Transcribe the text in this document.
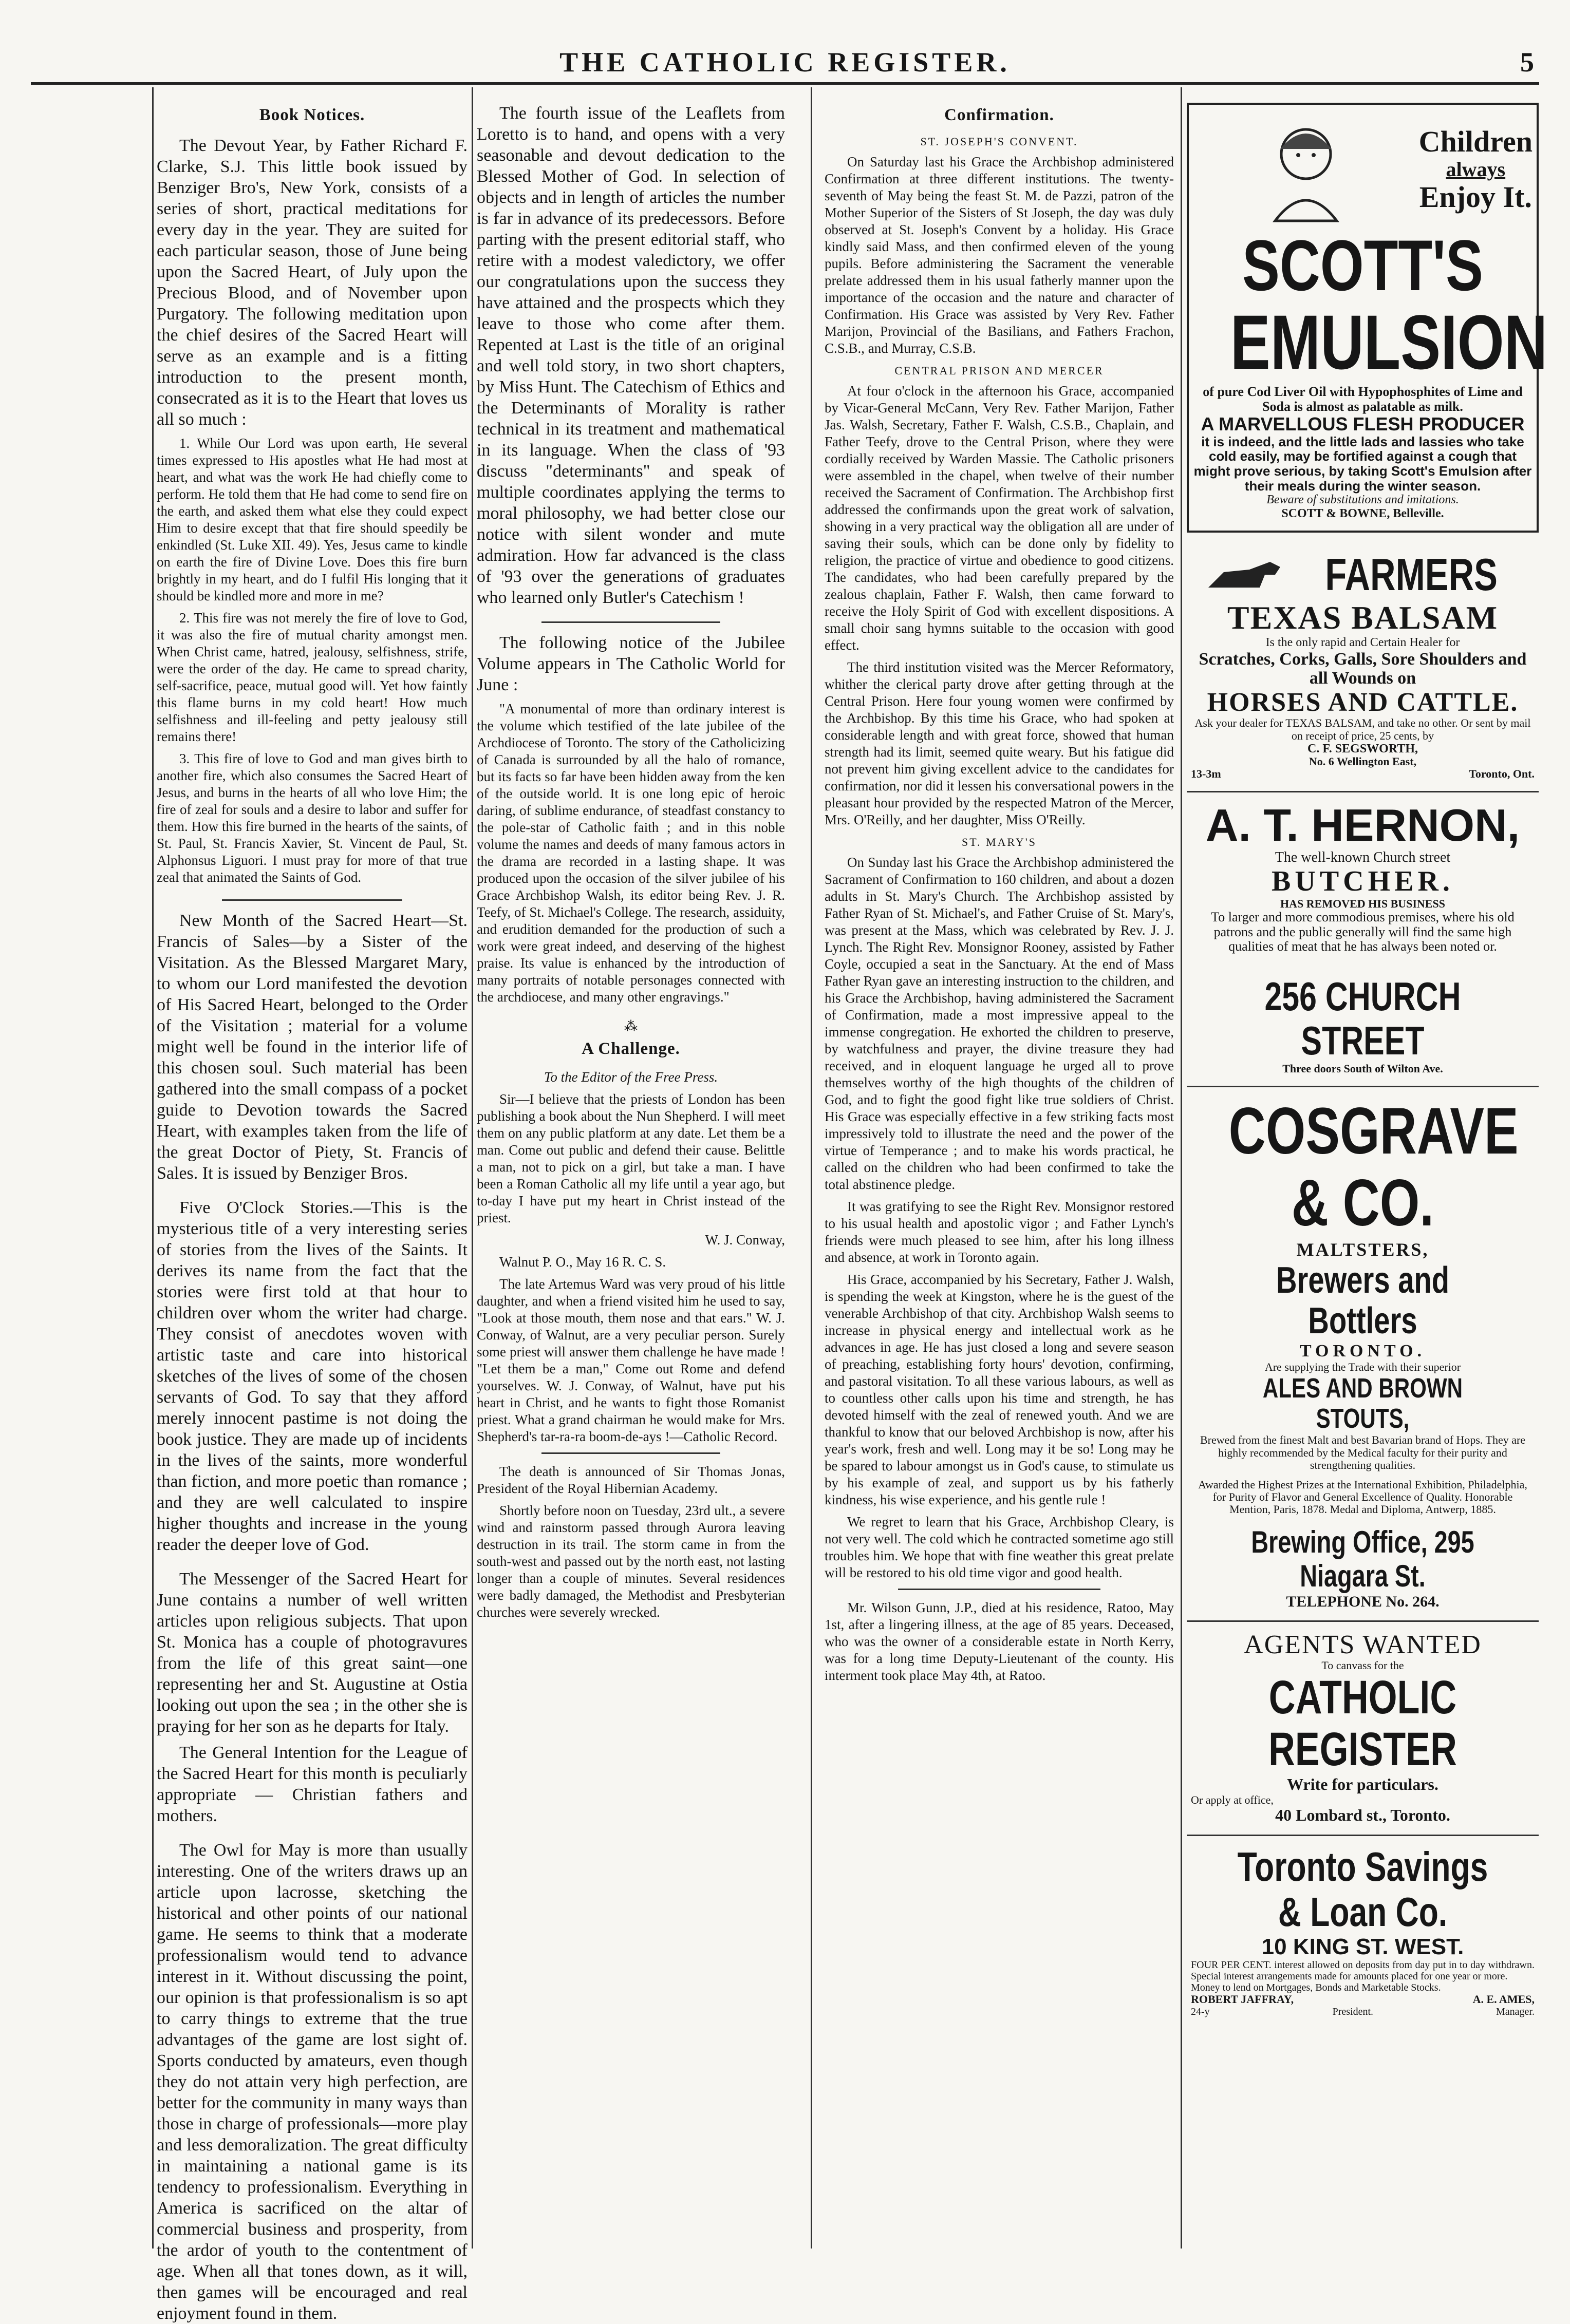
THE CATHOLIC REGISTER.	5
Book Notices.

The Devout Year, by Father Richard F. Clarke, S.J. This little book issued by Benziger Bro's, New York, consists of a series of short, practical meditations for every day in the year. They are suited for each particular season, those of June being upon the Sacred Heart, of July upon the Precious Blood, and of November upon Purgatory. The following meditation upon the chief desires of the Sacred Heart will serve as an example and is a fitting introduction to the present month, consecrated as it is to the Heart that loves us all so much :

1. While Our Lord was upon earth, He several times expressed to His apostles what He had most at heart, and what was the work He had chiefly come to perform. He told them that He had come to send fire on the earth, and asked them what else they could expect Him to desire except that that fire should speedily be enkindled (St. Luke XII. 49). Yes, Jesus came to kindle on earth the fire of Divine Love. Does this fire burn brightly in my heart, and do I fulfil His longing that it should be kindled more and more in me?

2. This fire was not merely the fire of love to God, it was also the fire of mutual charity amongst men. When Christ came, hatred, jealousy, selfishness, strife, were the order of the day. He came to spread charity, self-sacrifice, peace, mutual good will. Yet how faintly this flame burns in my cold heart! How much selfishness and ill-feeling and petty jealousy still remains there!

3. This fire of love to God and man gives birth to another fire, which also consumes the Sacred Heart of Jesus, and burns in the hearts of all who love Him; the fire of zeal for souls and a desire to labor and suffer for them. How this fire burned in the hearts of the saints, of St. Paul, St. Francis Xavier, St. Vincent de Paul, St. Alphonsus Liguori. I must pray for more of that true zeal that animated the Saints of God.

New Month of the Sacred Heart—St. Francis of Sales—by a Sister of the Visitation. As the Blessed Margaret Mary, to whom our Lord manifested the devotion of His Sacred Heart, belonged to the Order of the Visitation ; material for a volume might well be found in the interior life of this chosen soul. Such material has been gathered into the small compass of a pocket guide to Devotion towards the Sacred Heart, with examples taken from the life of the great Doctor of Piety, St. Francis of Sales. It is issued by Benziger Bros.

Five O'Clock Stories.—This is the mysterious title of a very interesting series of stories from the lives of the Saints. It derives its name from the fact that the stories were first told at that hour to children over whom the writer had charge. They consist of anecdotes woven with artistic taste and care into historical sketches of the lives of some of the chosen servants of God. To say that they afford merely innocent pastime is not doing the book justice. They are made up of incidents in the lives of the saints, more wonderful than fiction, and more poetic than romance ; and they are well calculated to inspire higher thoughts and increase in the young reader the deeper love of God.

The Messenger of the Sacred Heart for June contains a number of well written articles upon religious subjects. That upon St. Monica has a couple of photogravures from the life of this great saint—one representing her and St. Augustine at Ostia looking out upon the sea ; in the other she is praying for her son as he departs for Italy.

The General Intention for the League of the Sacred Heart for this month is peculiarly appropriate — Christian fathers and mothers.

The Owl for May is more than usually interesting. One of the writers draws up an article upon lacrosse, sketching the historical and other points of our national game. He seems to think that a moderate professionalism would tend to advance interest in it. Without discussing the point, our opinion is that professionalism is so apt to carry things to extreme that the true advantages of the game are lost sight of. Sports conducted by amateurs, even though they do not attain very high perfection, are better for the community in many ways than those in charge of professionals—more play and less demoralization. The great difficulty in maintaining a national game is its tendency to professionalism. Everything in America is sacrificed on the altar of commercial business and prosperity, from the ardor of youth to the contentment of age. When all that tones down, as it will, then games will be encouraged and real enjoyment found in them.

The fourth issue of the Leaflets from Loretto is to hand, and opens with a very seasonable and devout dedication to the Blessed Mother of God. In selection of objects and in length of articles the number is far in advance of its predecessors. Before parting with the present editorial staff, who retire with a modest valedictory, we offer our congratulations upon the success they have attained and the prospects which they leave to those who come after them. Repented at Last is the title of an original and well told story, in two short chapters, by Miss Hunt. The Catechism of Ethics and the Determinants of Morality is rather technical in its treatment and mathematical in its language. When the class of '93 discuss "determinants" and speak of multiple coordinates applying the terms to moral philosophy, we had better close our notice with silent wonder and mute admiration. How far advanced is the class of '93 over the generations of graduates who learned only Butler's Catechism !

The following notice of the Jubilee Volume appears in The Catholic World for June :

"A monumental of more than ordinary interest is the volume which testified of the late jubilee of the Archdiocese of Toronto. The story of the Catholicizing of Canada is surrounded by all the halo of romance, but its facts so far have been hidden away from the ken of the outside world. It is one long epic of heroic daring, of sublime endurance, of steadfast constancy to the pole-star of Catholic faith ; and in this noble volume the names and deeds of many famous actors in the drama are recorded in a lasting shape. It was produced upon the occasion of the silver jubilee of his Grace Archbishop Walsh, its editor being Rev. J. R. Teefy, of St. Michael's College. The research, assiduity, and erudition demanded for the production of such a work were great indeed, and deserving of the highest praise. Its value is enhanced by the introduction of many portraits of notable personages connected with the archdiocese, and many other engravings."

⁂
A Challenge.

To the Editor of the Free Press.

Sir—I believe that the priests of London has been publishing a book about the Nun Shepherd. I will meet them on any public platform at any date. Let them be a man. Come out public and defend their cause. Belittle a man, not to pick on a girl, but take a man. I have been a Roman Catholic all my life until a year ago, but to-day I have put my heart in Christ instead of the priest.

W. J. Conway,

Walnut P. O., May 16 R. C. S.

The late Artemus Ward was very proud of his little daughter, and when a friend visited him he used to say, "Look at those mouth, them nose and that ears." W. J. Conway, of Walnut, are a very peculiar person. Surely some priest will answer them challenge he have made ! "Let them be a man," Come out Rome and defend yourselves. W. J. Conway, of Walnut, have put his heart in Christ, and he wants to fight those Romanist priest. What a grand chairman he would make for Mrs. Shepherd's tar-ra-ra boom-de-ays !—Catholic Record.

The death is announced of Sir Thomas Jonas, President of the Royal Hibernian Academy.

Shortly before noon on Tuesday, 23rd ult., a severe wind and rainstorm passed through Aurora leaving destruction in its trail. The storm came in from the south-west and passed out by the north east, not lasting longer than a couple of minutes. Several residences were badly damaged, the Methodist and Presbyterian churches were severely wrecked.

Confirmation.
ST. JOSEPH'S CONVENT.

On Saturday last his Grace the Archbishop administered Confirmation at three different institutions. The twenty-seventh of May being the feast St. M. de Pazzi, patron of the Mother Superior of the Sisters of St Joseph, the day was duly observed at St. Joseph's Convent by a holiday. His Grace kindly said Mass, and then confirmed eleven of the young pupils. Before administering the Sacrament the venerable prelate addressed them in his usual fatherly manner upon the importance of the occasion and the nature and character of Confirmation. His Grace was assisted by Very Rev. Father Marijon, Provincial of the Basilians, and Fathers Frachon, C.S.B., and Murray, C.S.B.

CENTRAL PRISON AND MERCER

At four o'clock in the afternoon his Grace, accompanied by Vicar-General McCann, Very Rev. Father Marijon, Father Jas. Walsh, Secretary, Father F. Walsh, C.S.B., Chaplain, and Father Teefy, drove to the Central Prison, where they were cordially received by Warden Massie. The Catholic prisoners were assembled in the chapel, when twelve of their number received the Sacrament of Confirmation. The Archbishop first addressed the confirmands upon the great work of salvation, showing in a very practical way the obligation all are under of saving their souls, which can be done only by fidelity to religion, the practice of virtue and obedience to good citizens. The candidates, who had been carefully prepared by the zealous chaplain, Father F. Walsh, then came forward to receive the Holy Spirit of God with excellent dispositions. A small choir sang hymns suitable to the occasion with good effect.

The third institution visited was the Mercer Reformatory, whither the clerical party drove after getting through at the Central Prison. Here four young women were confirmed by the Archbishop. By this time his Grace, who had spoken at considerable length and with great force, showed that human strength had its limit, seemed quite weary. But his fatigue did not prevent him giving excellent advice to the candidates for confirmation, nor did it lessen his conversational powers in the pleasant hour provided by the respected Matron of the Mercer, Mrs. O'Reilly, and her daughter, Miss O'Reilly.

ST. MARY'S

On Sunday last his Grace the Archbishop administered the Sacrament of Confirmation to 160 children, and about a dozen adults in St. Mary's Church. The Archbishop assisted by Father Ryan of St. Michael's, and Father Cruise of St. Mary's, was present at the Mass, which was celebrated by Rev. J. J. Lynch. The Right Rev. Monsignor Rooney, assisted by Father Coyle, occupied a seat in the Sanctuary. At the end of Mass Father Ryan gave an interesting instruction to the children, and his Grace the Archbishop, having administered the Sacrament of Confirmation, made a most impressive appeal to the immense congregation. He exhorted the children to preserve, by watchfulness and prayer, the divine treasure they had received, and in eloquent language he urged all to prove themselves worthy of the high thoughts of the children of God, and to fight the good fight like true soldiers of Christ. His Grace was especially effective in a few striking facts most impressively told to illustrate the need and the power of the virtue of Temperance ; and to make his words practical, he called on the children who had been confirmed to take the total abstinence pledge.

It was gratifying to see the Right Rev. Monsignor restored to his usual health and apostolic vigor ; and Father Lynch's friends were much pleased to see him, after his long illness and absence, at work in Toronto again.

His Grace, accompanied by his Secretary, Father J. Walsh, is spending the week at Kingston, where he is the guest of the venerable Archbishop of that city. Archbishop Walsh seems to increase in physical energy and intellectual work as he advances in age. He has just closed a long and severe season of preaching, establishing forty hours' devotion, confirming, and pastoral visitation. To all these various labours, as well as to countless other calls upon his time and strength, he has devoted himself with the zeal of renewed youth. And we are thankful to know that our beloved Archbishop is now, after his year's work, fresh and well. Long may it be so! Long may he be spared to labour amongst us in God's cause, to stimulate us by his example of zeal, and support us by his fatherly kindness, his wise experience, and his gentle rule !

We regret to learn that his Grace, Archbishop Cleary, is not very well. The cold which he contracted sometime ago still troubles him. We hope that with fine weather this great prelate will be restored to his old time vigor and good health.

Mr. Wilson Gunn, J.P., died at his residence, Ratoo, May 1st, after a lingering illness, at the age of 85 years. Deceased, who was the owner of a considerable estate in North Kerry, was for a long time Deputy-Lieutenant of the county. His interment took place May 4th, at Ratoo.

Children
always
Enjoy It.
SCOTT'S
EMULSION
of pure Cod Liver Oil with Hypophosphites of Lime and Soda is almost as palatable as milk.
A MARVELLOUS FLESH PRODUCER
it is indeed, and the little lads and lassies who take cold easily, may be fortified against a cough that might prove serious, by taking Scott's Emulsion after their meals during the winter season.
Beware of substitutions and imitations.
SCOTT & BOWNE, Belleville.
FARMERS
TEXAS BALSAM
Is the only rapid and Certain Healer for
Scratches, Corks, Galls, Sore Shoulders and all Wounds on
HORSES AND CATTLE.
Ask your dealer for TEXAS BALSAM, and take no other. Or sent by mail on receipt of price, 25 cents, by
C. F. SEGSWORTH,
No. 6 Wellington East,
13-3m	Toronto, Ont.
A. T. HERNON,
The well-known Church street
BUTCHER.
HAS REMOVED HIS BUSINESS
To larger and more commodious premises, where his old patrons and the public generally will find the same high qualities of meat that he has always been noted or.
256 CHURCH STREET
Three doors South of Wilton Ave.
COSGRAVE & CO.
MALTSTERS,
Brewers and Bottlers
TORONTO.
Are supplying the Trade with their superior
ALES AND BROWN STOUTS,
Brewed from the finest Malt and best Bavarian brand of Hops. They are highly recommended by the Medical faculty for their purity and strengthening qualities.
Awarded the Highest Prizes at the International Exhibition, Philadelphia, for Purity of Flavor and General Excellence of Quality. Honorable Mention, Paris, 1878. Medal and Diploma, Antwerp, 1885.
Brewing Office, 295 Niagara St.
TELEPHONE No. 264.
AGENTS WANTED
To canvass for the
CATHOLIC REGISTER
Write for particulars.
Or apply at office,
40 Lombard st., Toronto.
Toronto Savings & Loan Co.
10 KING ST. WEST.
FOUR PER CENT. interest allowed on deposits from day put in to day withdrawn. Special interest arrangements made for amounts placed for one year or more.
Money to lend on Mortgages, Bonds and Marketable Stocks.
ROBERT JAFFRAY,	A. E. AMES,
24-y	President.	Manager.
